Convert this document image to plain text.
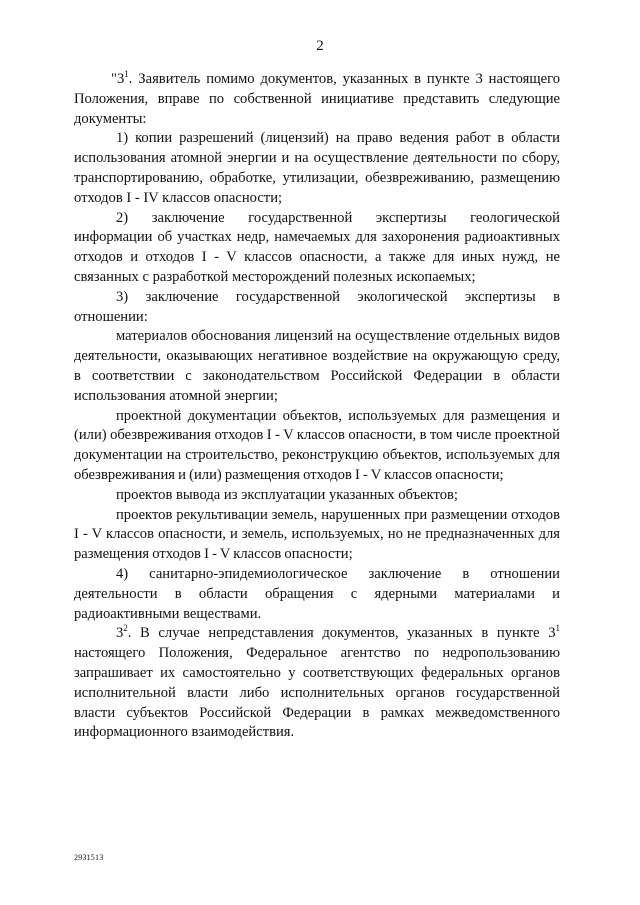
2

"$3^1$. Заявитель помимо документов, указанных в пункте 3 настоящего Положения, вправе по собственной инициативе представить следующие документы:

1) копии разрешений (лицензий) на право ведения работ в области использования атомной энергии и на осуществление деятельности по сбору, транспортированию, обработке, утилизации, обезвреживанию, размещению отходов I - IV классов опасности;

2) заключение государственной экспертизы геологической информации об участках недр, намечаемых для захоронения радиоактивных отходов и отходов I - V классов опасности, а также для иных нужд, не связанных с разработкой месторождений полезных ископаемых;

3) заключение государственной экологической экспертизы в отношении:

материалов обоснования лицензий на осуществление отдельных видов деятельности, оказывающих негативное воздействие на окружающую среду, в соответствии с законодательством Российской Федерации в области использования атомной энергии;

проектной документации объектов, используемых для размещения и (или) обезвреживания отходов I - V классов опасности, в том числе проектной документации на строительство, реконструкцию объектов, используемых для обезвреживания и (или) размещения отходов I - V классов опасности;

проектов вывода из эксплуатации указанных объектов;

проектов рекультивации земель, нарушенных при размещении отходов I - V классов опасности, и земель, используемых, но не предназначенных для размещения отходов I - V классов опасности;

4) санитарно-эпидемиологическое заключение в отношении деятельности в области обращения с ядерными материалами и радиоактивными веществами.

$3^2$. В случае непредставления документов, указанных в пункте $3^1$ настоящего Положения, Федеральное агентство по недропользованию запрашивает их самостоятельно у соответствующих федеральных органов исполнительной власти либо исполнительных органов государственной власти субъектов Российской Федерации в рамках межведомственного информационного взаимодействия.

2931513
